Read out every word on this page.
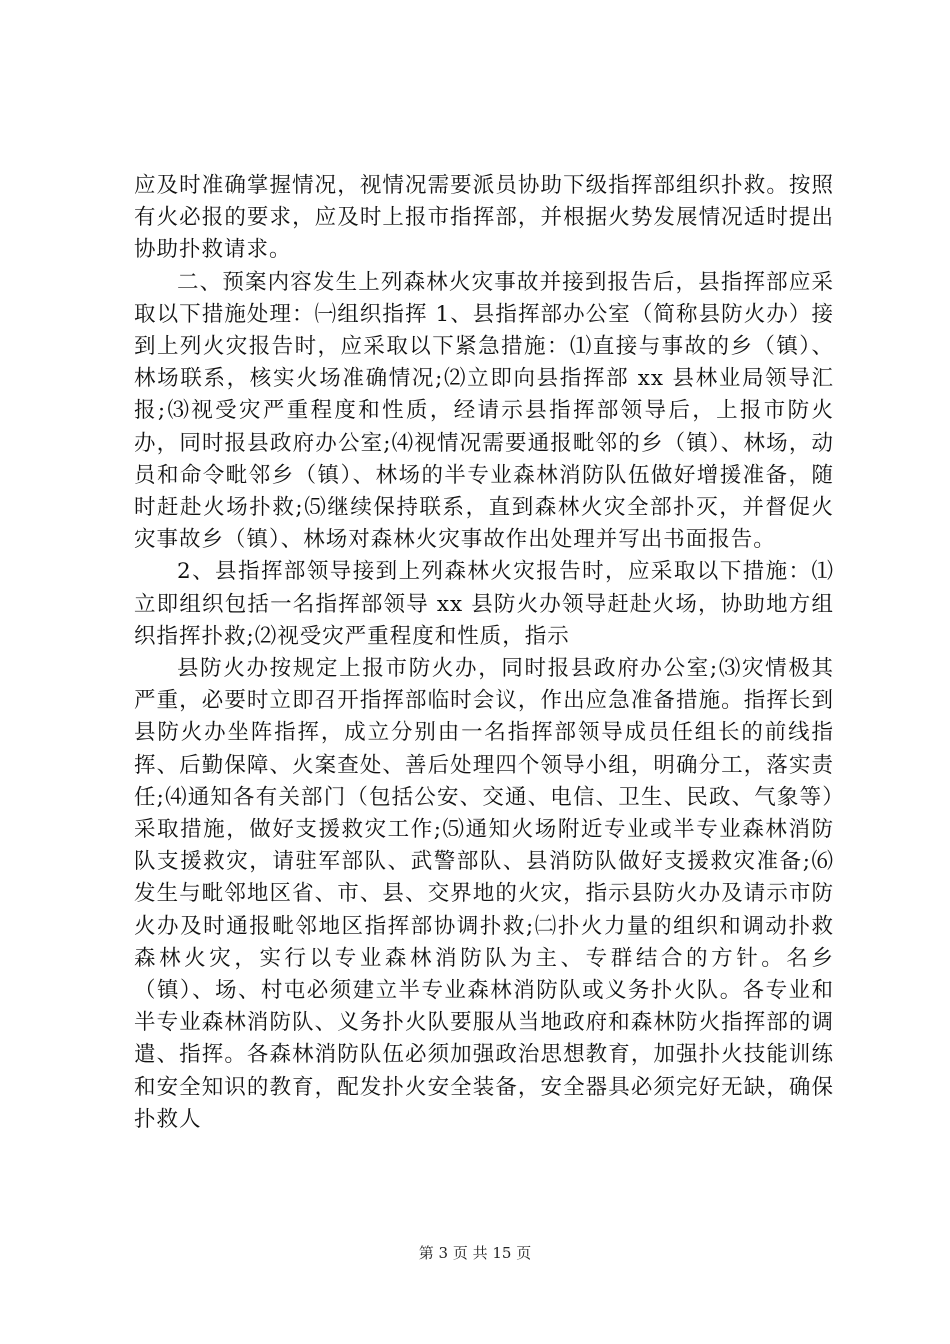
应及时准确掌握情况，视情况需要派员协助下级指挥部组织扑救。按照有火必报的要求，应及时上报市指挥部，并根据火势发展情况适时提出协助扑救请求。

二、预案内容发生上列森林火灾事故并接到报告后，县指挥部应采取以下措施处理：㈠组织指挥 1、县指挥部办公室（简称县防火办）接到上列火灾报告时，应采取以下紧急措施：⑴直接与事故的乡（镇）、林场联系，核实火场准确情况;⑵立即向县指挥部 xx 县林业局领导汇报;⑶视受灾严重程度和性质，经请示县指挥部领导后，上报市防火办，同时报县政府办公室;⑷视情况需要通报毗邻的乡（镇）、林场，动员和命令毗邻乡（镇）、林场的半专业森林消防队伍做好增援准备，随时赶赴火场扑救;⑸继续保持联系，直到森林火灾全部扑灭，并督促火灾事故乡（镇）、林场对森林火灾事故作出处理并写出书面报告。

2、县指挥部领导接到上列森林火灾报告时，应采取以下措施：⑴立即组织包括一名指挥部领导 xx 县防火办领导赶赴火场，协助地方组织指挥扑救;⑵视受灾严重程度和性质，指示

县防火办按规定上报市防火办，同时报县政府办公室;⑶灾情极其严重，必要时立即召开指挥部临时会议，作出应急准备措施。指挥长到县防火办坐阵指挥，成立分别由一名指挥部领导成员任组长的前线指挥、后勤保障、火案查处、善后处理四个领导小组，明确分工，落实责任;⑷通知各有关部门（包括公安、交通、电信、卫生、民政、气象等）采取措施，做好支援救灾工作;⑸通知火场附近专业或半专业森林消防队支援救灾，请驻军部队、武警部队、县消防队做好支援救灾准备;⑹发生与毗邻地区省、市、县、交界地的火灾，指示县防火办及请示市防火办及时通报毗邻地区指挥部协调扑救;㈡扑火力量的组织和调动扑救森林火灾，实行以专业森林消防队为主、专群结合的方针。名乡（镇）、场、村屯必须建立半专业森林消防队或义务扑火队。各专业和半专业森林消防队、义务扑火队要服从当地政府和森林防火指挥部的调遣、指挥。各森林消防队伍必须加强政治思想教育，加强扑火技能训练和安全知识的教育，配发扑火安全装备，安全器具必须完好无缺，确保扑救人

第 3 页 共 15 页
